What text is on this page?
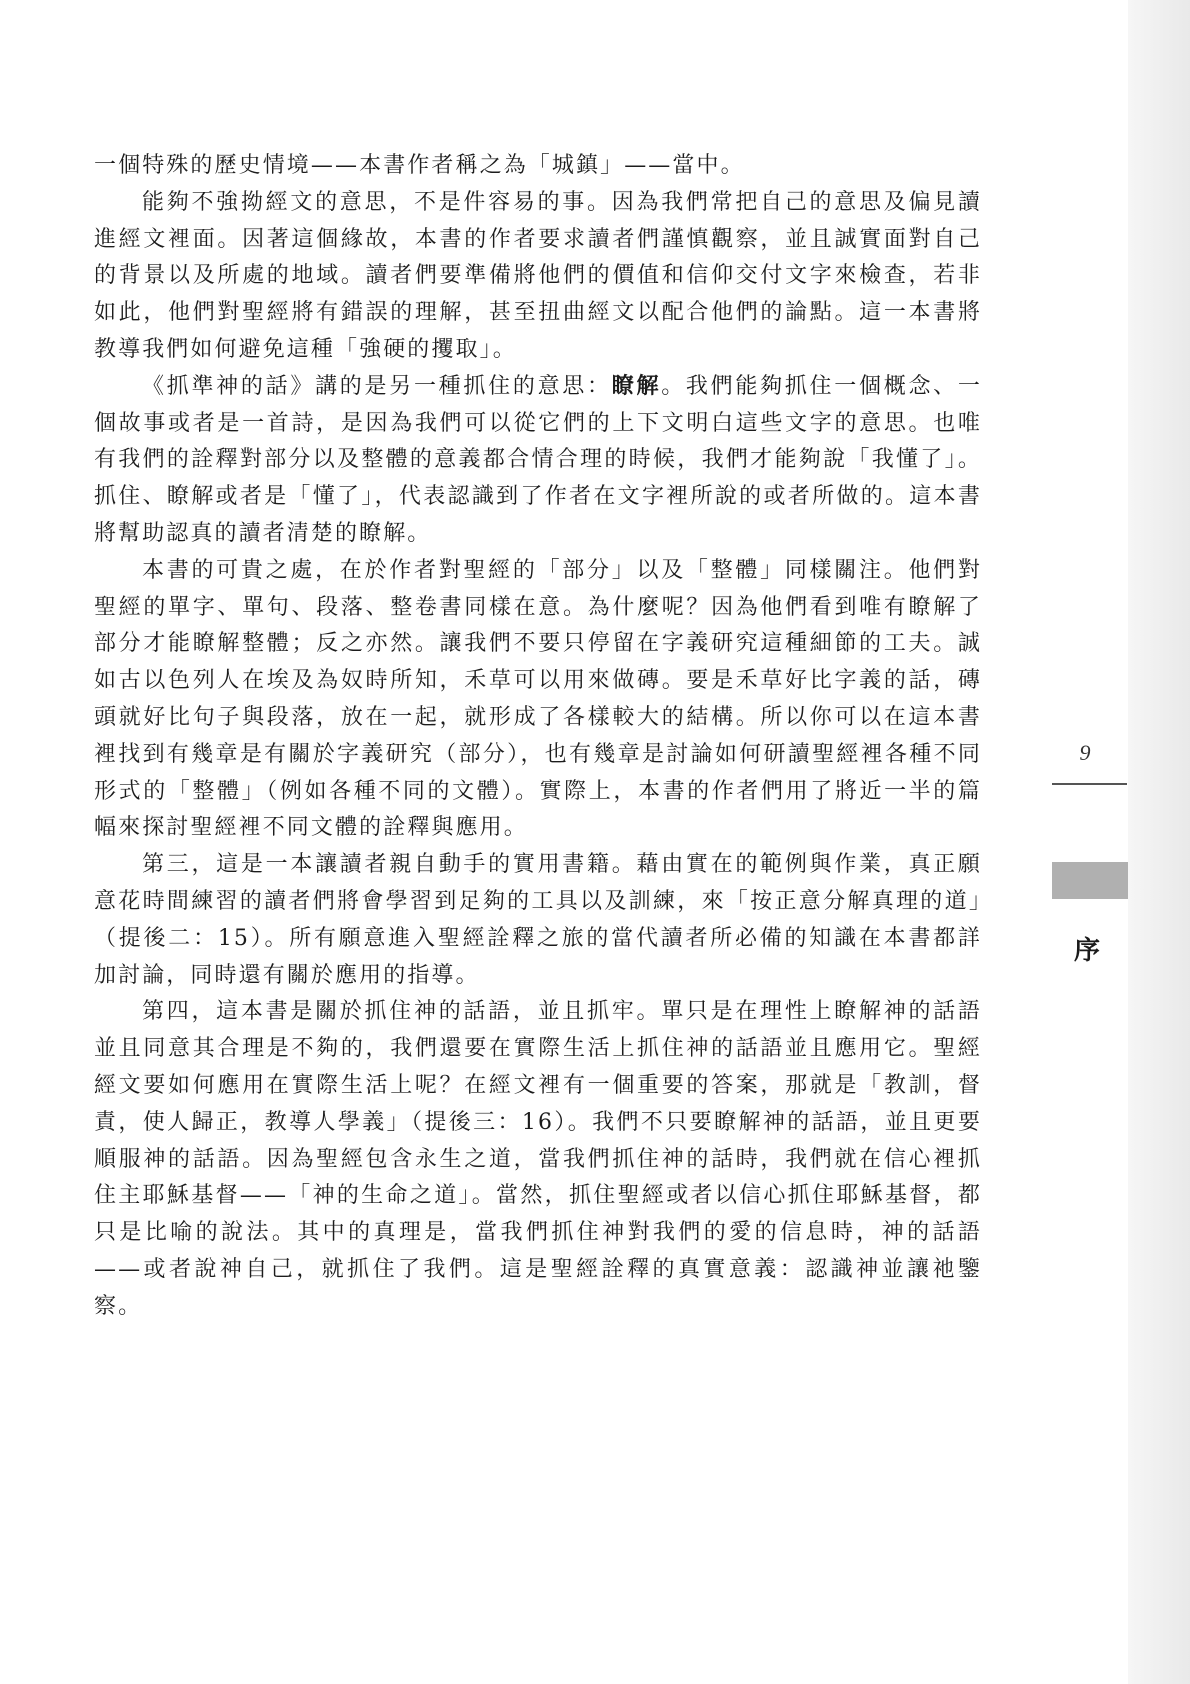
一個特殊的歷史情境——本書作者稱之為「城鎮」——當中。

能夠不強拗經文的意思，不是件容易的事。因為我們常把自己的意思及偏見讀進經文裡面。因著這個緣故，本書的作者要求讀者們謹慎觀察，並且誠實面對自己的背景以及所處的地域。讀者們要準備將他們的價值和信仰交付文字來檢查，若非如此，他們對聖經將有錯誤的理解，甚至扭曲經文以配合他們的論點。這一本書將教導我們如何避免這種「強硬的攫取」。

《抓準神的話》講的是另一種抓住的意思：瞭解。我們能夠抓住一個概念、一個故事或者是一首詩，是因為我們可以從它們的上下文明白這些文字的意思。也唯有我們的詮釋對部分以及整體的意義都合情合理的時候，我們才能夠說「我懂了」。抓住、瞭解或者是「懂了」，代表認識到了作者在文字裡所說的或者所做的。這本書將幫助認真的讀者清楚的瞭解。

本書的可貴之處，在於作者對聖經的「部分」以及「整體」同樣關注。他們對聖經的單字、單句、段落、整卷書同樣在意。為什麼呢？因為他們看到唯有瞭解了部分才能瞭解整體；反之亦然。讓我們不要只停留在字義研究這種細節的工夫。誠如古以色列人在埃及為奴時所知，禾草可以用來做磚。要是禾草好比字義的話，磚頭就好比句子與段落，放在一起，就形成了各樣較大的結構。所以你可以在這本書裡找到有幾章是有關於字義研究（部分），也有幾章是討論如何研讀聖經裡各種不同形式的「整體」（例如各種不同的文體）。實際上，本書的作者們用了將近一半的篇幅來探討聖經裡不同文體的詮釋與應用。

第三，這是一本讓讀者親自動手的實用書籍。藉由實在的範例與作業，真正願意花時間練習的讀者們將會學習到足夠的工具以及訓練，來「按正意分解真理的道」（提後二：15）。所有願意進入聖經詮釋之旅的當代讀者所必備的知識在本書都詳加討論，同時還有關於應用的指導。

第四，這本書是關於抓住神的話語，並且抓牢。單只是在理性上瞭解神的話語並且同意其合理是不夠的，我們還要在實際生活上抓住神的話語並且應用它。聖經經文要如何應用在實際生活上呢？在經文裡有一個重要的答案，那就是「教訓，督責，使人歸正，教導人學義」（提後三：16）。我們不只要瞭解神的話語，並且更要順服神的話語。因為聖經包含永生之道，當我們抓住神的話時，我們就在信心裡抓住主耶穌基督——「神的生命之道」。當然，抓住聖經或者以信心抓住耶穌基督，都只是比喻的說法。其中的真理是，當我們抓住神對我們的愛的信息時，神的話語——或者說神自己，就抓住了我們。這是聖經詮釋的真實意義：認識神並讓祂鑒察。

9
序
